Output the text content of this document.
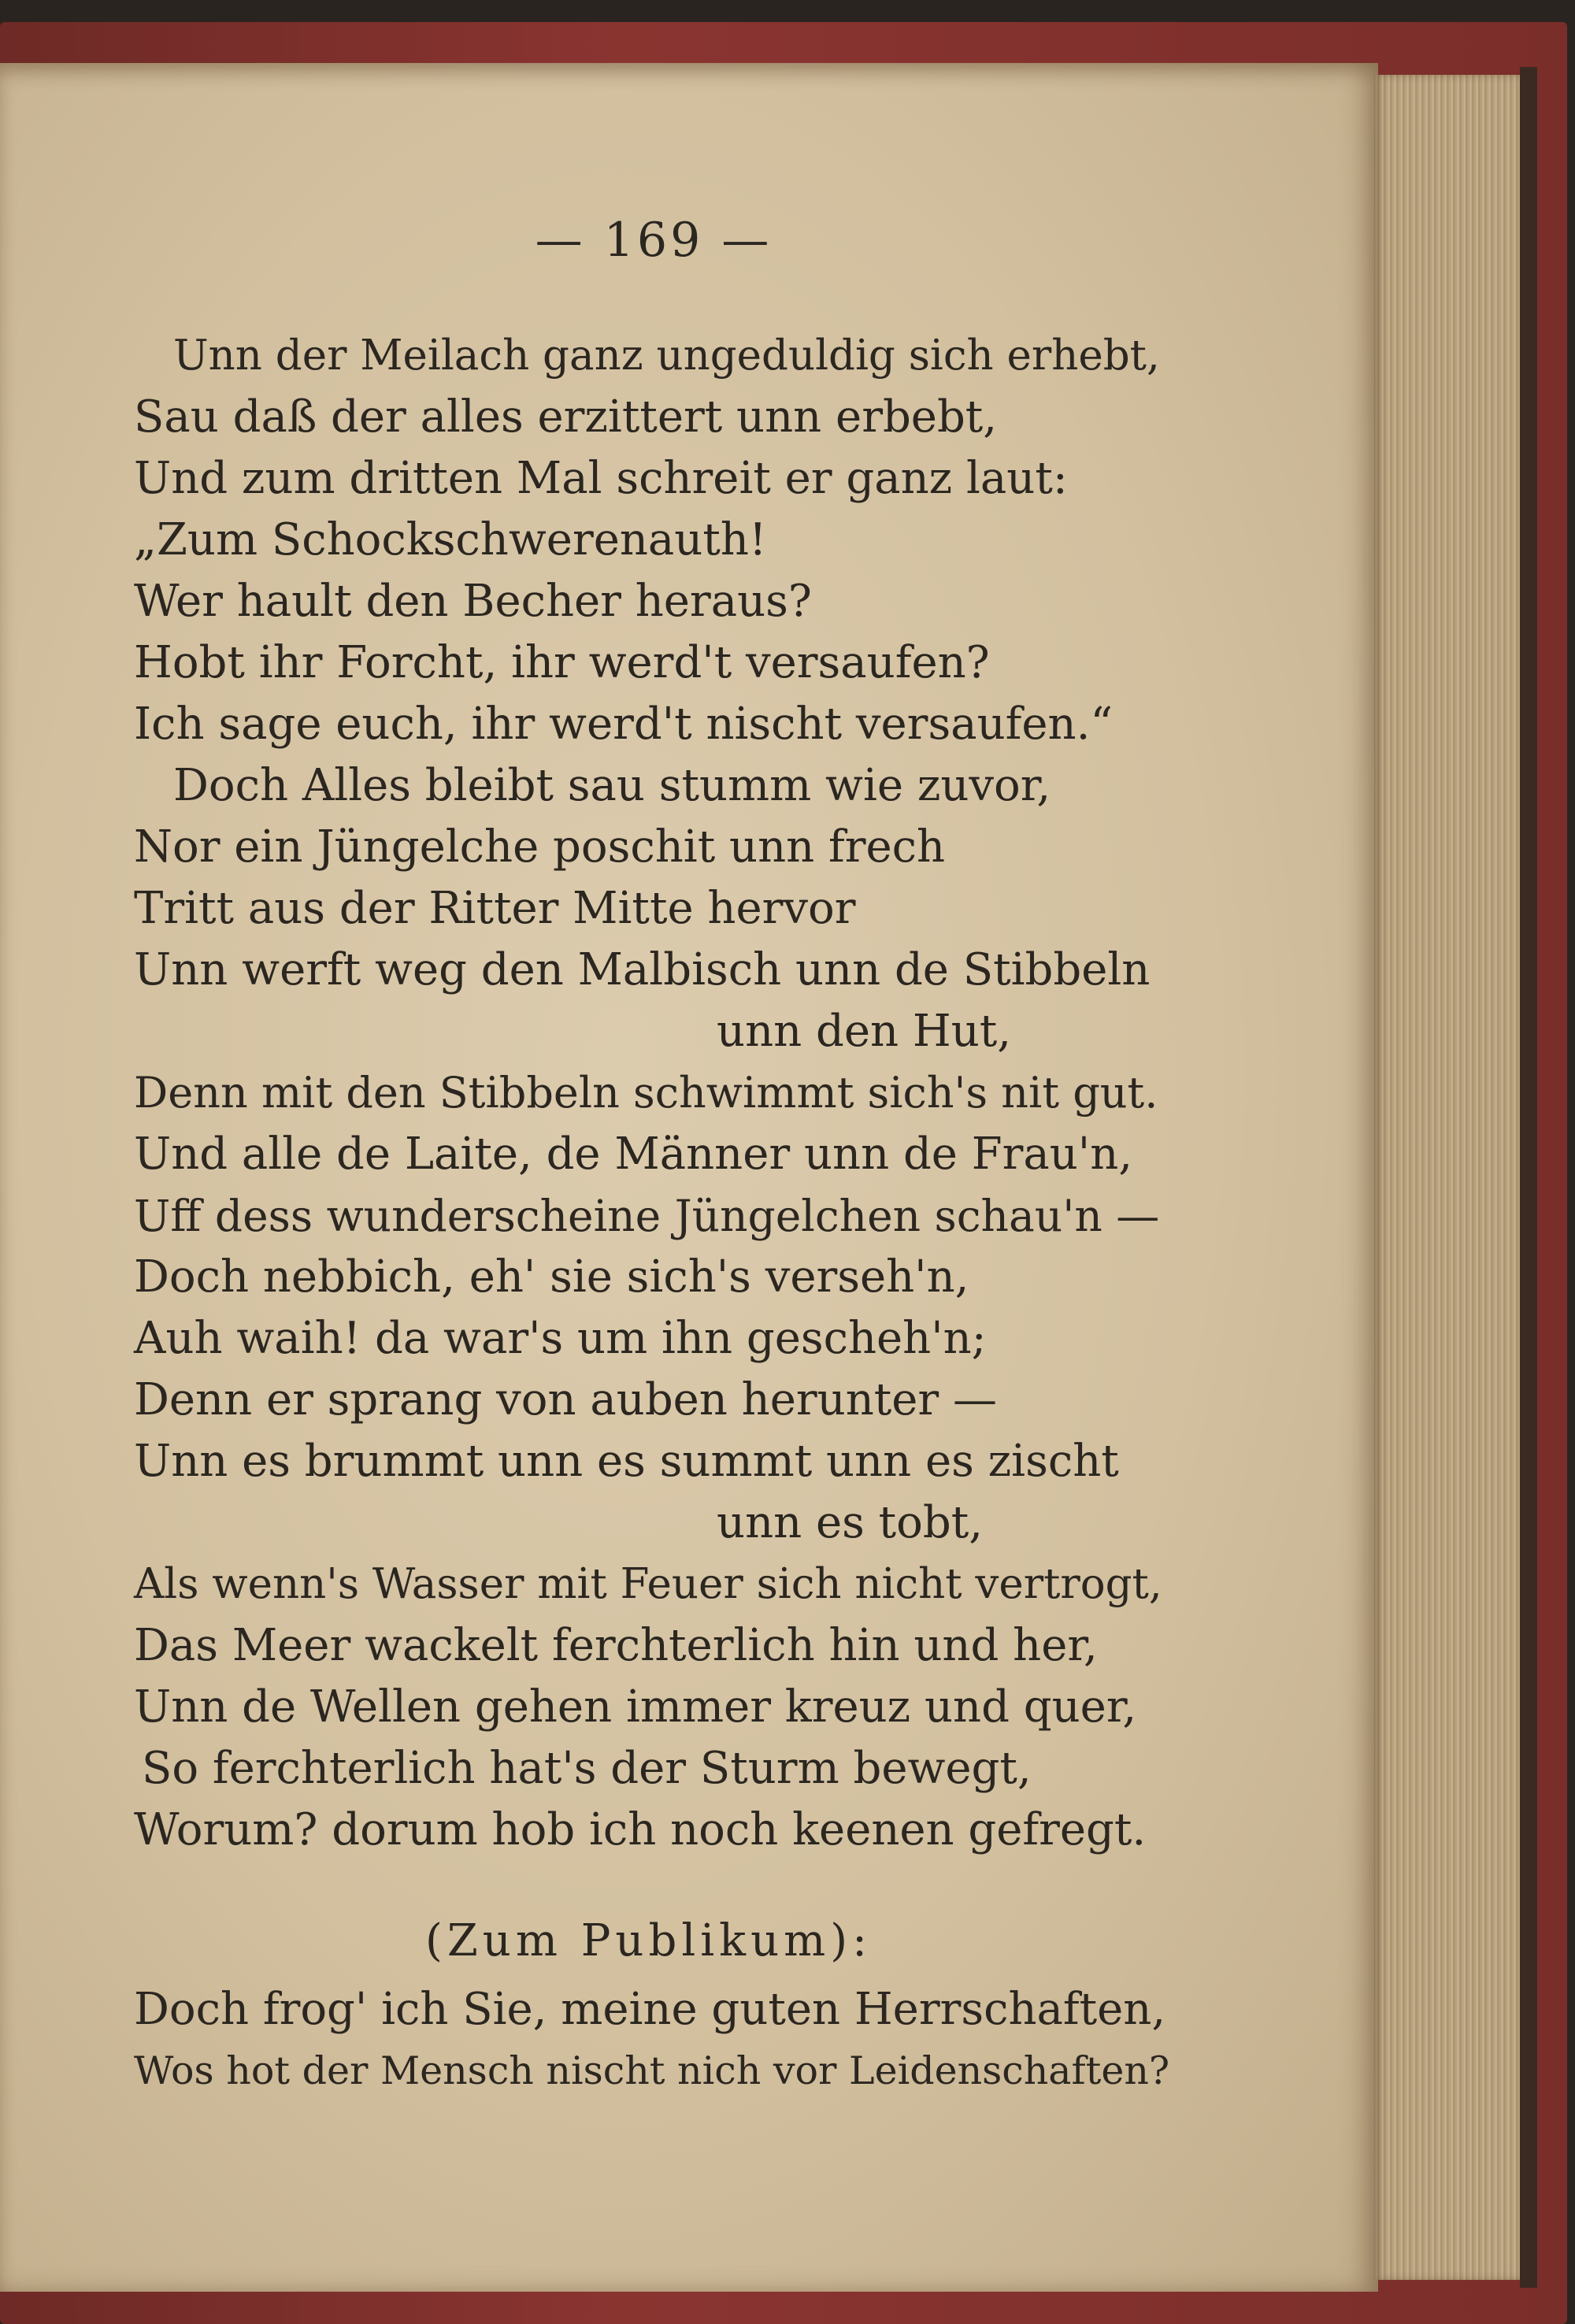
— 169 —
Unn der Meilach ganz ungeduldig sich erhebt,
Sau daß der alles erzittert unn erbebt,
Und zum dritten Mal schreit er ganz laut:
„Zum Schockschwerenauth!
Wer hault den Becher heraus?
Hobt ihr Forcht, ihr werd't versaufen?
Ich sage euch, ihr werd't nischt versaufen.“
Doch Alles bleibt sau stumm wie zuvor,
Nor ein Jüngelche poschit unn frech
Tritt aus der Ritter Mitte hervor
Unn werft weg den Malbisch unn de Stibbeln
unn den Hut,
Denn mit den Stibbeln schwimmt sich's nit gut.
Und alle de Laite, de Männer unn de Frau'n,
Uff dess wunderscheine Jüngelchen schau'n —
Doch nebbich, eh' sie sich's verseh'n,
Auh waih! da war's um ihn gescheh'n;
Denn er sprang von auben herunter —
Unn es brummt unn es summt unn es zischt
unn es tobt,
Als wenn's Wasser mit Feuer sich nicht vertrogt,
Das Meer wackelt ferchterlich hin und her,
Unn de Wellen gehen immer kreuz und quer,
So ferchterlich hat's der Sturm bewegt,
Worum? dorum hob ich noch keenen gefregt.
(Zum Publikum):
Doch frog' ich Sie, meine guten Herrschaften,
Wos hot der Mensch nischt nich vor Leidenschaften?
